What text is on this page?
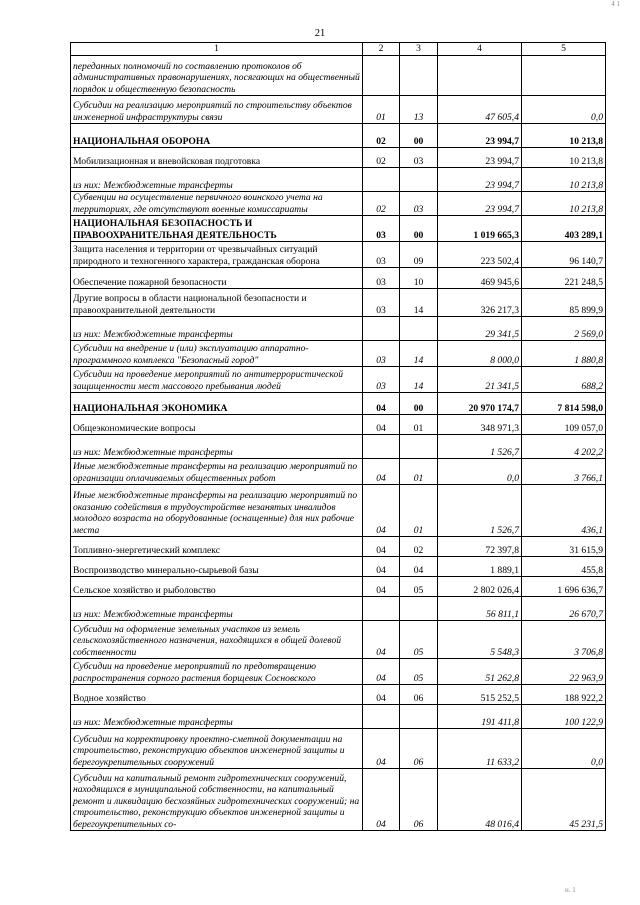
4 1
21
1	2	3	4	5
переданных полномочий по составлению протоколов об административных правонарушениях, посягающих на общественный порядок и общественную безопасность				
Субсидии на реализацию мероприятий по строительству объектов инженерной инфраструктуры связи	01	13	47 605,4	0,0
НАЦИОНАЛЬНАЯ ОБОРОНА	02	00	23 994,7	10 213,8
Мобилизационная и вневойсковая подготовка	02	03	23 994,7	10 213,8
из них: Межбюджетные трансферты			23 994,7	10 213,8
Субвенции на осуществление первичного воинского учета на территориях, где отсутствуют военные комиссариаты	02	03	23 994,7	10 213,8
НАЦИОНАЛЬНАЯ БЕЗОПАСНОСТЬ И ПРАВООХРАНИТЕЛЬНАЯ ДЕЯТЕЛЬНОСТЬ	03	00	1 019 665,3	403 289,1
Защита населения и территории от чрезвычайных ситуаций природного и техногенного характера, гражданская оборона	03	09	223 502,4	96 140,7
Обеспечение пожарной безопасности	03	10	469 945,6	221 248,5
Другие вопросы в области национальной безопасности и правоохранительной деятельности	03	14	326 217,3	85 899,9
из них: Межбюджетные трансферты			29 341,5	2 569,0
Субсидии на внедрение и (или) эксплуатацию аппаратно-программного комплекса "Безопасный город"	03	14	8 000,0	1 880,8
Субсидии на проведение мероприятий по антитеррористической защищенности мест массового пребывания людей	03	14	21 341,5	688,2
НАЦИОНАЛЬНАЯ ЭКОНОМИКА	04	00	20 970 174,7	7 814 598,0
Общеэкономические вопросы	04	01	348 971,3	109 057,0
из них: Межбюджетные трансферты			1 526,7	4 202,2
Иные межбюджетные трансферты на реализацию мероприятий по организации оплачиваемых общественных работ	04	01	0,0	3 766,1
Иные межбюджетные трансферты на реализацию мероприятий по оказанию содействия в трудоустройстве незанятых инвалидов молодого возраста на оборудованные (оснащенные) для них рабочие места	04	01	1 526,7	436,1
Топливно-энергетический комплекс	04	02	72 397,8	31 615,9
Воспроизводство минерально-сырьевой базы	04	04	1 889,1	455,8
Сельское хозяйство и рыболовство	04	05	2 802 026,4	1 696 636,7
из них: Межбюджетные трансферты			56 811,1	26 670,7
Субсидии на оформление земельных участков из земель сельскохозяйственного назначения, находящихся в общей долевой собственности	04	05	5 548,3	3 706,8
Субсидии на проведение мероприятий по предотвращению распространения сорного растения борщевик Сосновского	04	05	51 262,8	22 963,9
Водное хозяйство	04	06	515 252,5	188 922,2
из них: Межбюджетные трансферты			191 411,8	100 122,9
Субсидии на корректировку проектно-сметной документации на строительство, реконструкцию объектов инженерной защиты и берегоукрепительных сооружений	04	06	11 633,2	0,0
Субсидии на капитальный ремонт гидротехнических сооружений, находящихся в муниципальной собственности, на капитальный ремонт и ликвидацию бесхозяйных гидротехнических сооружений; на строительство, реконструкцию объектов инженерной защиты и берегоукрепительных со-	04	06	48 016,4	45 231,5
и. 1
